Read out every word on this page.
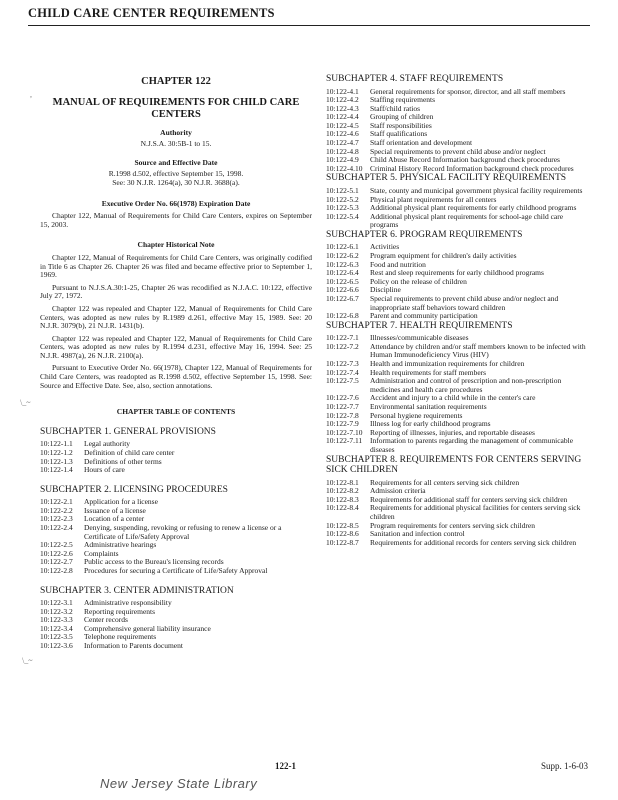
CHILD CARE CENTER REQUIREMENTS
CHAPTER 122
MANUAL OF REQUIREMENTS FOR CHILD CARE CENTERS
Authority
N.J.S.A. 30:5B-1 to 15.
Source and Effective Date
R.1998 d.502, effective September 15, 1998.
See: 30 N.J.R. 1264(a), 30 N.J.R. 3688(a).
Executive Order No. 66(1978) Expiration Date

Chapter 122, Manual of Requirements for Child Care Centers, expires on September 15, 2003.

Chapter Historical Note

Chapter 122, Manual of Requirements for Child Care Centers, was originally codified in Title 6 as Chapter 26. Chapter 26 was filed and became effective prior to September 1, 1969.

Pursuant to N.J.S.A.30:1-25, Chapter 26 was recodified as N.J.A.C. 10:122, effective July 27, 1972.

Chapter 122 was repealed and Chapter 122, Manual of Requirements for Child Care Centers, was adopted as new rules by R.1989 d.261, effective May 15, 1989. See: 20 N.J.R. 3079(b), 21 N.J.R. 1431(b).

Chapter 122 was repealed and Chapter 122, Manual of Requirements for Child Care Centers, was adopted as new rules by R.1994 d.231, effective May 16, 1994. See: 25 N.J.R. 4987(a), 26 N.J.R. 2100(a).

Pursuant to Executive Order No. 66(1978), Chapter 122, Manual of Requirements for Child Care Centers, was readopted as R.1998 d.502, effective September 15, 1998. See: Source and Effective Date. See, also, section annotations.

CHAPTER TABLE OF CONTENTS
SUBCHAPTER 1. GENERAL PROVISIONS
10:122-1.1	Legal authority
10:122-1.2	Definition of child care center
10:122-1.3	Definitions of other terms
10:122-1.4	Hours of care
SUBCHAPTER 2. LICENSING PROCEDURES
10:122-2.1	Application for a license
10:122-2.2	Issuance of a license
10:122-2.3	Location of a center
10:122-2.4	Denying, suspending, revoking or refusing to renew a license or a Certificate of Life/Safety Approval
10:122-2.5	Administrative hearings
10:122-2.6	Complaints
10:122-2.7	Public access to the Bureau's licensing records
10:122-2.8	Procedures for securing a Certificate of Life/Safety Approval
SUBCHAPTER 3. CENTER ADMINISTRATION
10:122-3.1	Administrative responsibility
10:122-3.2	Reporting requirements
10:122-3.3	Center records
10:122-3.4	Comprehensive general liability insurance
10:122-3.5	Telephone requirements
10:122-3.6	Information to Parents document
SUBCHAPTER 4. STAFF REQUIREMENTS
10:122-4.1	General requirements for sponsor, director, and all staff members
10:122-4.2	Staffing requirements
10:122-4.3	Staff/child ratios
10:122-4.4	Grouping of children
10:122-4.5	Staff responsibilities
10:122-4.6	Staff qualifications
10:122-4.7	Staff orientation and development
10:122-4.8	Special requirements to prevent child abuse and/or neglect
10:122-4.9	Child Abuse Record Information background check procedures
10:122-4.10	Criminal History Record Information background check procedures
SUBCHAPTER 5. PHYSICAL FACILITY REQUIREMENTS
10:122-5.1	State, county and municipal government physical facility requirements
10:122-5.2	Physical plant requirements for all centers
10:122-5.3	Additional physical plant requirements for early childhood programs
10:122-5.4	Additional physical plant requirements for school-age child care programs
SUBCHAPTER 6. PROGRAM REQUIREMENTS
10:122-6.1	Activities
10:122-6.2	Program equipment for children's daily activities
10:122-6.3	Food and nutrition
10:122-6.4	Rest and sleep requirements for early childhood programs
10:122-6.5	Policy on the release of children
10:122-6.6	Discipline
10:122-6.7	Special requirements to prevent child abuse and/or neglect and inappropriate staff behaviors toward children
10:122-6.8	Parent and community participation
SUBCHAPTER 7. HEALTH REQUIREMENTS
10:122-7.1	Illnesses/communicable diseases
10:122-7.2	Attendance by children and/or staff members known to be infected with Human Immunodeficiency Virus (HIV)
10:122-7.3	Health and immunization requirements for children
10:122-7.4	Health requirements for staff members
10:122-7.5	Administration and control of prescription and non-prescription medicines and health care procedures
10:122-7.6	Accident and injury to a child while in the center's care
10:122-7.7	Environmental sanitation requirements
10:122-7.8	Personal hygiene requirements
10:122-7.9	Illness log for early childhood programs
10:122-7.10	Reporting of illnesses, injuries, and reportable diseases
10:122-7.11	Information to parents regarding the management of communicable diseases
SUBCHAPTER 8. REQUIREMENTS FOR CENTERS SERVING SICK CHILDREN
10:122-8.1	Requirements for all centers serving sick children
10:122-8.2	Admission criteria
10:122-8.3	Requirements for additional staff for centers serving sick children
10:122-8.4	Requirements for additional physical facilities for centers serving sick children
10:122-8.5	Program requirements for centers serving sick children
10:122-8.6	Sanitation and infection control
10:122-8.7	Requirements for additional records for centers serving sick children
122-1	Supp. 1-6-03
New Jersey State Library
,
\_~
\_~
